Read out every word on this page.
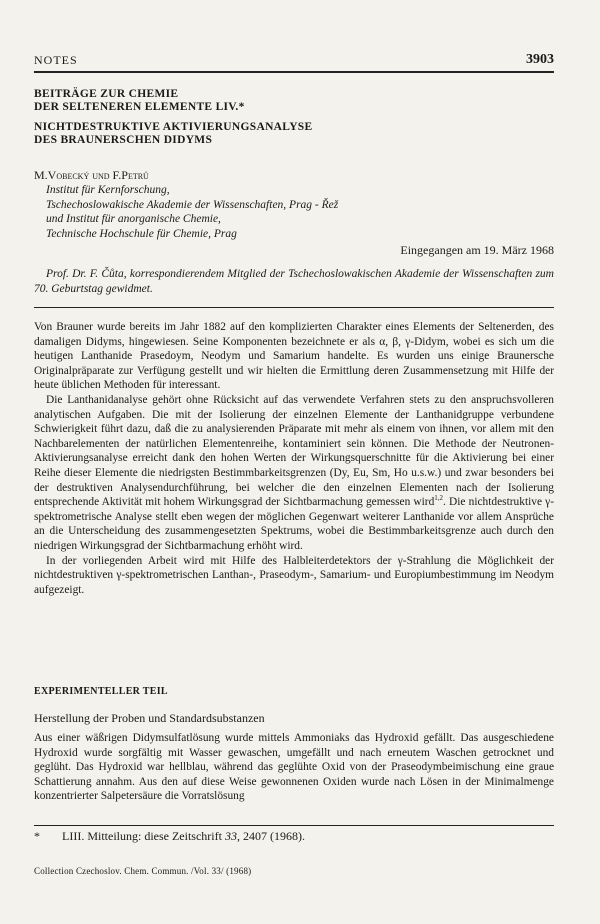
NOTES	3903

BEITRÄGE ZUR CHEMIE

DER SELTENEREN ELEMENTE LIV.*

NICHTDESTRUKTIVE AKTIVIERUNGSANALYSE

DES BRAUNERSCHEN DIDYMS

M.Vobecký und F.Petrů
Institut für Kernforschung,
Tschechoslowakische Akademie der Wissenschaften, Prag - Řež
und Institut für anorganische Chemie,
Technische Hochschule für Chemie, Prag
Eingegangen am 19. März 1968
Prof. Dr. F. Čůta, korrespondierendem Mitglied der Tschechoslowakischen Akademie der Wissenschaften zum 70. Geburtstag gewidmet.

Von Brauner wurde bereits im Jahr 1882 auf den komplizierten Charakter eines Elements der Seltenerden, des damaligen Didyms, hingewiesen. Seine Komponenten bezeichnete er als α, β, γ-Didym, wobei es sich um die heutigen Lanthanide Prasedoym, Neodym und Samarium handelte. Es wurden uns einige Braunersche Originalpräparate zur Verfügung gestellt und wir hielten die Ermittlung deren Zusammensetzung mit Hilfe der heute üblichen Methoden für interessant.

Die Lanthanidanalyse gehört ohne Rücksicht auf das verwendete Verfahren stets zu den anspruchsvolleren analytischen Aufgaben. Die mit der Isolierung der einzelnen Elemente der Lanthanidgruppe verbundene Schwierigkeit führt dazu, daß die zu analysierenden Präparate mit mehr als einem von ihnen, vor allem mit den Nachbarelementen der natürlichen Elementenreihe, kontaminiert sein können. Die Methode der Neutronen-Aktivierungsanalyse erreicht dank den hohen Werten der Wirkungsquerschnitte für die Aktivierung bei einer Reihe dieser Elemente die niedrigsten Bestimmbarkeitsgrenzen (Dy, Eu, Sm, Ho u.s.w.) und zwar besonders bei der destruktiven Analysendurchführung, bei welcher die den einzelnen Elementen nach der Isolierung entsprechende Aktivität mit hohem Wirkungsgrad der Sichtbarmachung gemessen wird$^{1,2}$. Die nichtdestruktive γ-spektrometrische Analyse stellt eben wegen der möglichen Gegenwart weiterer Lanthanide vor allem Ansprüche an die Unterscheidung des zusammengesetzten Spektrums, wobei die Bestimmbarkeitsgrenze auch durch den niedrigen Wirkungsgrad der Sichtbarmachung erhöht wird.

In der vorliegenden Arbeit wird mit Hilfe des Halbleiterdetektors der γ-Strahlung die Möglichkeit der nichtdestruktiven γ-spektrometrischen Lanthan-, Praseodym-, Samarium- und Europiumbestimmung im Neodym aufgezeigt.

EXPERIMENTELLER TEIL
Herstellung der Proben und Standardsubstanzen

Aus einer wäßrigen Didymsulfatlösung wurde mittels Ammoniaks das Hydroxid gefällt. Das ausgeschiedene Hydroxid wurde sorgfältig mit Wasser gewaschen, umgefällt und nach erneutem Waschen getrocknet und geglüht. Das Hydroxid war hellblau, während das geglühte Oxid von der Praseodymbeimischung eine graue Schattierung annahm. Aus den auf diese Weise gewonnenen Oxiden wurde nach Lösen in der Minimalmenge konzentrierter Salpetersäure die Vorratslösung

* LIII. Mitteilung: diese Zeitschrift 33, 2407 (1968).
Collection Czechoslov. Chem. Commun. /Vol. 33/ (1968)
